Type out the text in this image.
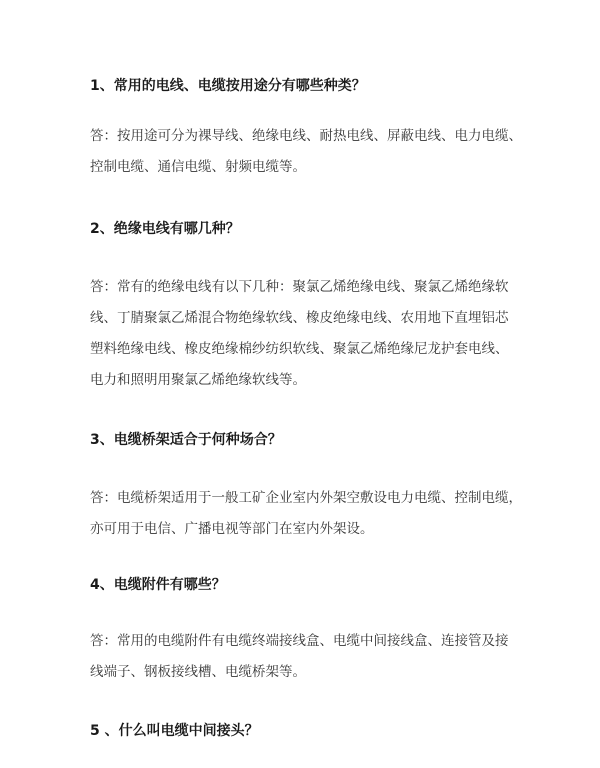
1、常用的电线、电缆按用途分有哪些种类？
答：按用途可分为裸导线、绝缘电线、耐热电线、屏蔽电线、电力电缆、
控制电缆、通信电缆、射频电缆等。
2、绝缘电线有哪几种？
答：常有的绝缘电线有以下几种：聚氯乙烯绝缘电线、聚氯乙烯绝缘软
线、丁腈聚氯乙烯混合物绝缘软线、橡皮绝缘电线、农用地下直埋铝芯
塑料绝缘电线、橡皮绝缘棉纱纺织软线、聚氯乙烯绝缘尼龙护套电线、
电力和照明用聚氯乙烯绝缘软线等。
3、电缆桥架适合于何种场合？
答：电缆桥架适用于一般工矿企业室内外架空敷设电力电缆、控制电缆，
亦可用于电信、广播电视等部门在室内外架设。
4、电缆附件有哪些？
答：常用的电缆附件有电缆终端接线盒、电缆中间接线盒、连接管及接
线端子、钢板接线槽、电缆桥架等。
5 、什么叫电缆中间接头？
